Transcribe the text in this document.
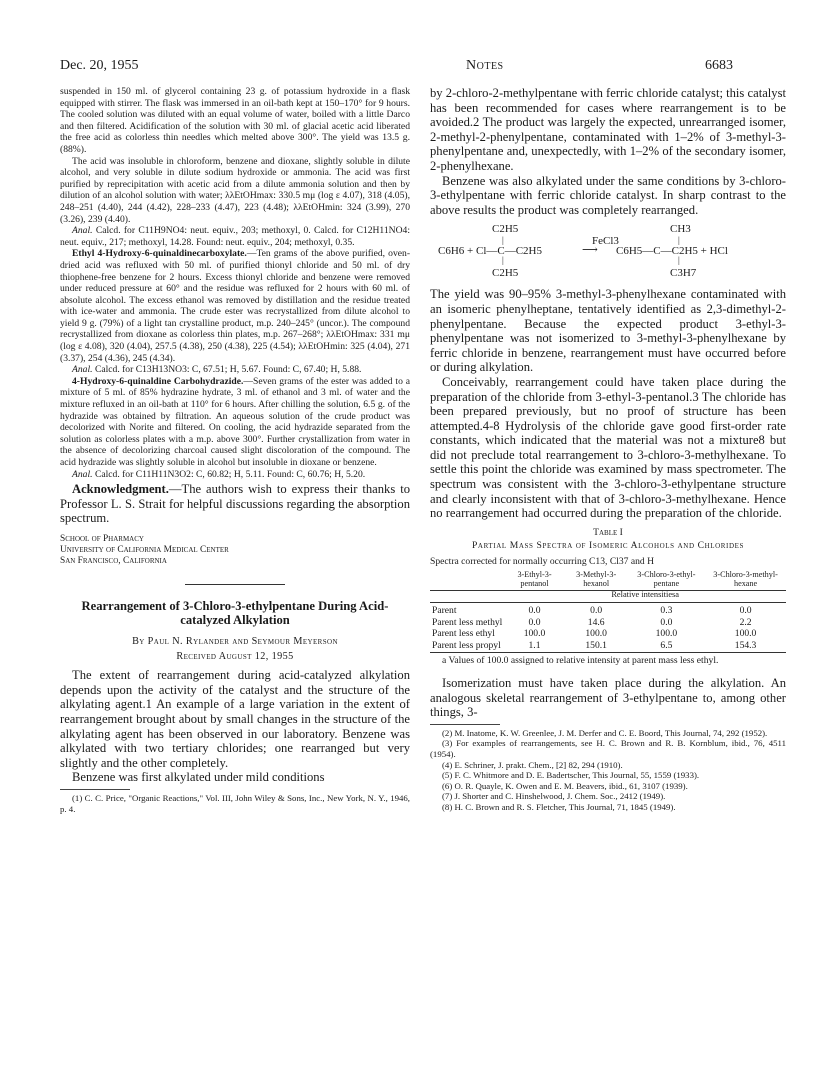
Dec. 20, 1955	Notes	6683

suspended in 150 ml. of glycerol containing 23 g. of potassium hydroxide in a flask equipped with stirrer. The flask was immersed in an oil-bath kept at 150–170° for 9 hours. The cooled solution was diluted with an equal volume of water, boiled with a little Darco and then filtered. Acidification of the solution with 30 ml. of glacial acetic acid liberated the free acid as colorless thin needles which melted above 300°. The yield was 13.5 g. (88%).

The acid was insoluble in chloroform, benzene and dioxane, slightly soluble in dilute alcohol, and very soluble in dilute sodium hydroxide or ammonia. The acid was first purified by reprecipitation with acetic acid from a dilute ammonia solution and then by dilution of an alcohol solution with water; λλEtOHmax: 330.5 mμ (log ε 4.07), 318 (4.05), 248–251 (4.40), 244 (4.42), 228–233 (4.47), 223 (4.48); λλEtOHmin: 324 (3.99), 270 (3.26), 239 (4.40).

Anal. Calcd. for C11H9NO4: neut. equiv., 203; methoxyl, 0. Calcd. for C12H11NO4: neut. equiv., 217; methoxyl, 14.28. Found: neut. equiv., 204; methoxyl, 0.35.

Ethyl 4-Hydroxy-6-quinaldinecarboxylate.—Ten grams of the above purified, oven-dried acid was refluxed with 50 ml. of purified thionyl chloride and 50 ml. of dry thiophene-free benzene for 2 hours. Excess thionyl chloride and benzene were removed under reduced pressure at 60° and the residue was refluxed for 2 hours with 60 ml. of absolute alcohol. The excess ethanol was removed by distillation and the residue treated with ice-water and ammonia. The crude ester was recrystallized from dilute alcohol to yield 9 g. (79%) of a light tan crystalline product, m.p. 240–245° (uncor.). The compound recrystallized from dioxane as colorless thin plates, m.p. 267–268°; λλEtOHmax: 331 mμ (log ε 4.08), 320 (4.04), 257.5 (4.38), 250 (4.38), 225 (4.54); λλEtOHmin: 325 (4.04), 271 (3.37), 254 (4.36), 245 (4.34).

Anal. Calcd. for C13H13NO3: C, 67.51; H, 5.67. Found: C, 67.40; H, 5.88.

4-Hydroxy-6-quinaldine Carbohydrazide.—Seven grams of the ester was added to a mixture of 5 ml. of 85% hydrazine hydrate, 3 ml. of ethanol and 3 ml. of water and the mixture refluxed in an oil-bath at 110° for 6 hours. After chilling the solution, 6.5 g. of the hydrazide was obtained by filtration. An aqueous solution of the crude product was decolorized with Norite and filtered. On cooling, the acid hydrazide separated from the solution as colorless plates with a m.p. above 300°. Further crystallization from water in the absence of decolorizing charcoal caused slight discoloration of the compound. The acid hydrazide was slightly soluble in alcohol but insoluble in dioxane or benzene.

Anal. Calcd. for C11H11N3O2: C, 60.82; H, 5.11. Found: C, 60.76; H, 5.20.

Acknowledgment.—The authors wish to express their thanks to Professor L. S. Strait for helpful discussions regarding the absorption spectrum.

School of Pharmacy
University of California Medical Center
San Francisco, California
Rearrangement of 3-Chloro-3-ethylpentane During Acid-catalyzed Alkylation
By Paul N. Rylander and Seymour Meyerson
Received August 12, 1955

The extent of rearrangement during acid-catalyzed alkylation depends upon the activity of the catalyst and the structure of the alkylating agent.1 An example of a large variation in the extent of rearrangement brought about by small changes in the structure of the alkylating agent has been observed in our laboratory. Benzene was alkylated with two tertiary chlorides; one rearranged but very slightly and the other completely.

Benzene was first alkylated under mild conditions

(1) C. C. Price, "Organic Reactions," Vol. III, John Wiley & Sons, Inc., New York, N. Y., 1946, p. 4.

by 2-chloro-2-methylpentane with ferric chloride catalyst; this catalyst has been recommended for cases where rearrangement is to be avoided.2 The product was largely the expected, unrearranged isomer, 2-methyl-2-phenylpentane, contaminated with 1–2% of 3-methyl-3-phenylpentane and, unexpectedly, with 1–2% of the secondary isomer, 2-phenylhexane.

Benzene was also alkylated under the same conditions by 3-chloro-3-ethylpentane with ferric chloride catalyst. In sharp contrast to the above results the product was completely rearranged.

C2H5
|
C6H6 + Cl—C—C2H5
|
C2H5
FeCl3
⟶
CH3
|
C6H5—C—C2H5 + HCl
|
C3H7

The yield was 90–95% 3-methyl-3-phenylhexane contaminated with an isomeric phenylheptane, tentatively identified as 2,3-dimethyl-2-phenylpentane. Because the expected product 3-ethyl-3-phenylpentane was not isomerized to 3-methyl-3-phenylhexane by ferric chloride in benzene, rearrangement must have occurred before or during alkylation.

Conceivably, rearrangement could have taken place during the preparation of the chloride from 3-ethyl-3-pentanol.3 The chloride has been prepared previously, but no proof of structure has been attempted.4-8 Hydrolysis of the chloride gave good first-order rate constants, which indicated that the material was not a mixture8 but did not preclude total rearrangement to 3-chloro-3-methylhexane. To settle this point the chloride was examined by mass spectrometer. The spectrum was consistent with the 3-chloro-3-ethylpentane structure and clearly inconsistent with that of 3-chloro-3-methylhexane. Hence no rearrangement had occurred during the preparation of the chloride.

Table I
Partial Mass Spectra of Isomeric Alcohols and Chlorides
Spectra corrected for normally occurring C13, Cl37 and H
	3-Ethyl-3-pentanol	3-Methyl-3-hexanol	3-Chloro-3-ethyl-pentane	3-Chloro-3-methyl-hexane
	Relative intensitiesa			
Parent	0.0	0.0	0.3	0.0
Parent less methyl	0.0	14.6	0.0	2.2
Parent less ethyl	100.0	100.0	100.0	100.0
Parent less propyl	1.1	150.1	6.5	154.3
a Values of 100.0 assigned to relative intensity at parent mass less ethyl.

Isomerization must have taken place during the alkylation. An analogous skeletal rearrangement of 3-ethylpentane to, among other things, 3-

(2) M. Inatome, K. W. Greenlee, J. M. Derfer and C. E. Boord, This Journal, 74, 292 (1952).

(3) For examples of rearrangements, see H. C. Brown and R. B. Kornblum, ibid., 76, 4511 (1954).

(4) E. Schriner, J. prakt. Chem., [2] 82, 294 (1910).

(5) F. C. Whitmore and D. E. Badertscher, This Journal, 55, 1559 (1933).

(6) O. R. Quayle, K. Owen and E. M. Beavers, ibid., 61, 3107 (1939).

(7) J. Shorter and C. Hinshelwood, J. Chem. Soc., 2412 (1949).

(8) H. C. Brown and R. S. Fletcher, This Journal, 71, 1845 (1949).
